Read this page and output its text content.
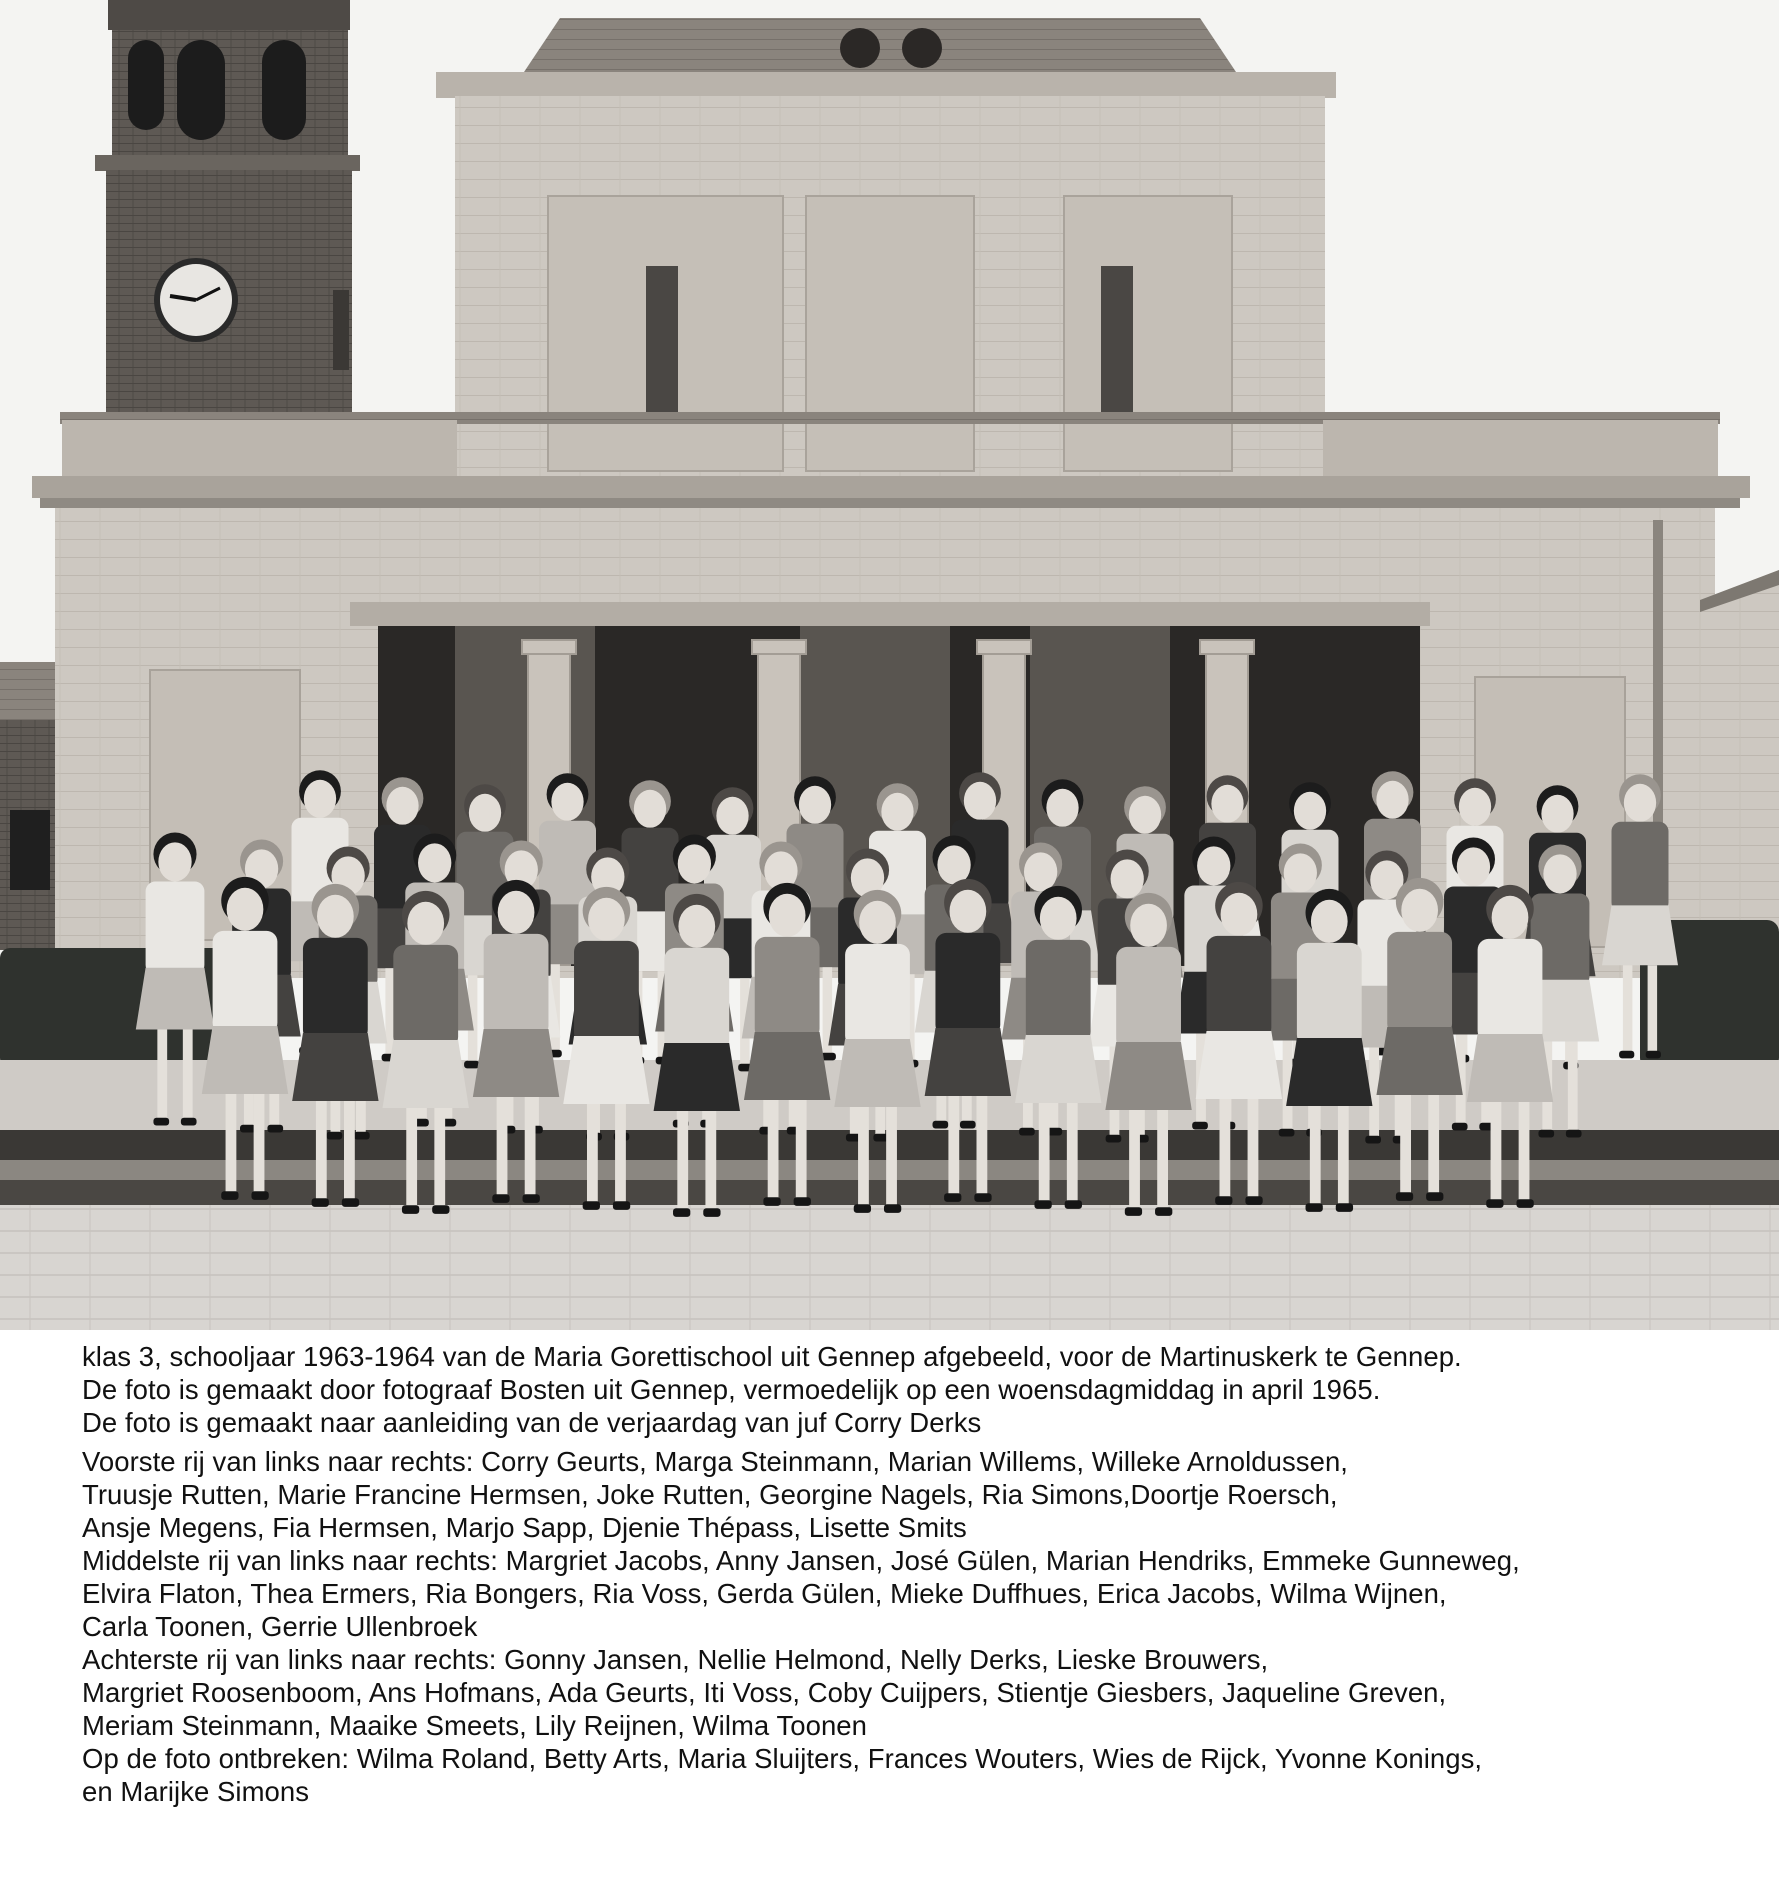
klas 3, schooljaar 1963-1964 van de Maria Gorettischool uit Gennep afgebeeld, voor de Martinuskerk te Gennep.
De foto is gemaakt door fotograaf Bosten uit Gennep, vermoedelijk op een woensdagmiddag in april 1965.
De foto is gemaakt naar aanleiding van de verjaardag van juf Corry Derks
Voorste rij van links naar rechts: Corry Geurts, Marga Steinmann, Marian Willems, Willeke Arnoldussen,
Truusje Rutten, Marie Francine Hermsen, Joke Rutten, Georgine Nagels, Ria Simons,Doortje Roersch,
Ansje Megens, Fia Hermsen, Marjo Sapp, Djenie Thépass, Lisette Smits
Middelste rij van links naar rechts: Margriet Jacobs, Anny Jansen, José Gülen, Marian Hendriks, Emmeke Gunneweg,
Elvira Flaton, Thea Ermers, Ria Bongers, Ria Voss, Gerda Gülen, Mieke Duffhues, Erica Jacobs, Wilma Wijnen,
Carla Toonen, Gerrie Ullenbroek
Achterste rij van links naar rechts: Gonny Jansen, Nellie Helmond, Nelly Derks, Lieske Brouwers,
Margriet Roosenboom, Ans Hofmans, Ada Geurts, Iti Voss, Coby Cuijpers, Stientje Giesbers, Jaqueline Greven,
Meriam Steinmann, Maaike Smeets, Lily Reijnen, Wilma Toonen
Op de foto ontbreken: Wilma Roland, Betty Arts, Maria Sluijters, Frances Wouters, Wies de Rijck, Yvonne Konings,
en Marijke Simons
